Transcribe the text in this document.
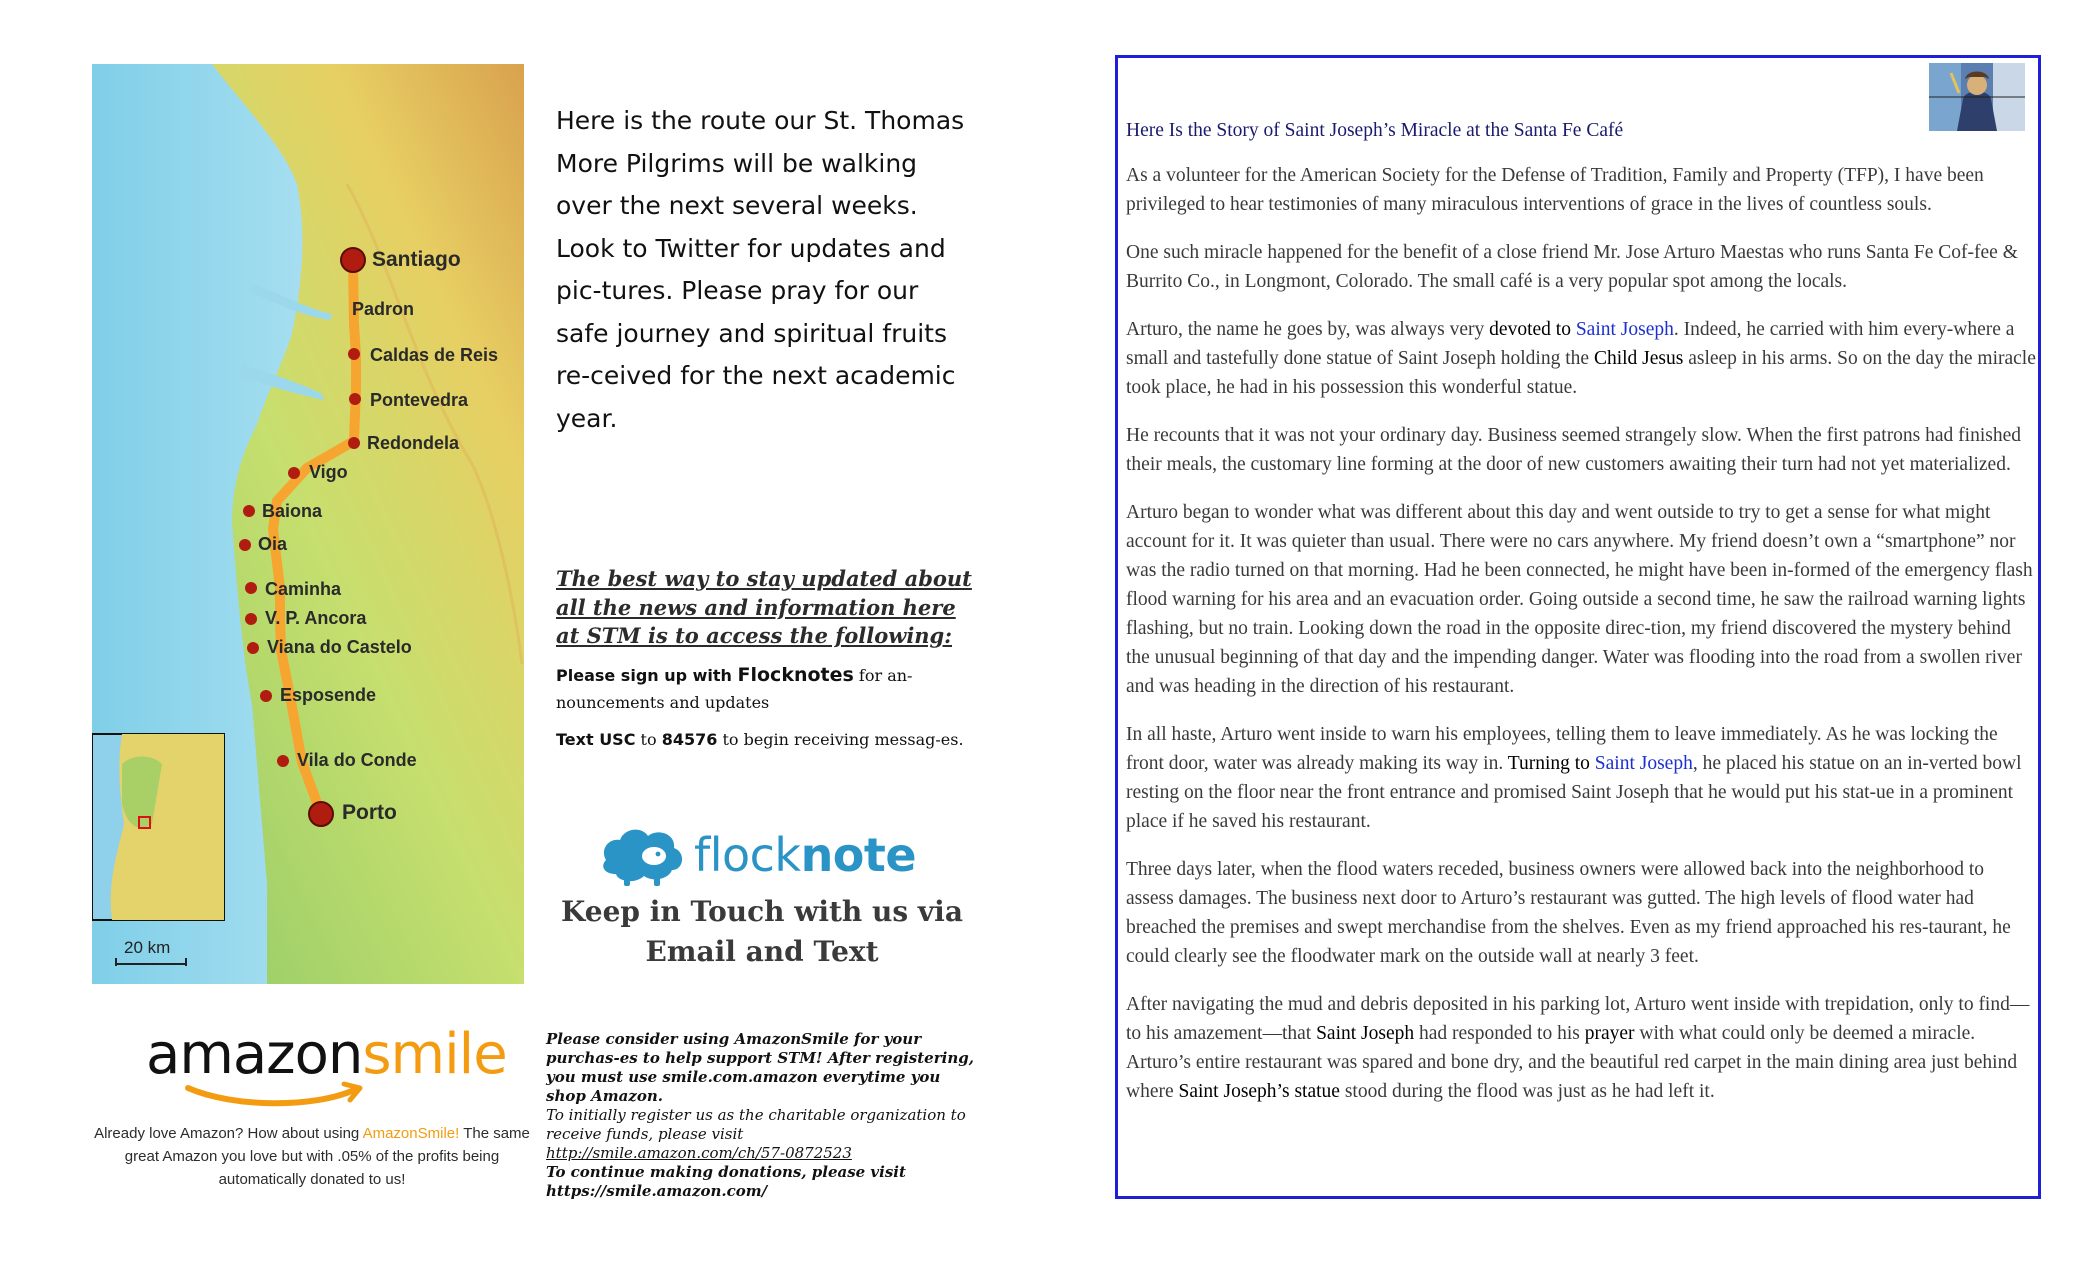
Santiago
Padron
Caldas de Reis
Pontevedra
Redondela
Vigo
Baiona
Oia
Caminha
V. P. Ancora
Viana do Castelo
Esposende
Vila do Conde
Porto
20 km

Here is the route our St. Thomas More Pilgrims will be walking over the next several weeks. Look to Twitter for updates and pic-tures. Please pray for our safe journey and spiritual fruits re-ceived for the next academic year.

The best way to stay updated about all the news and information here at STM is to access the following:

Please sign up with Flocknotes for an-nouncements and updates

Text USC to 84576 to begin receiving messag-es.

flocknote

Keep in Touch with us via
Email and Text

amazonsmile

Already love Amazon? How about using AmazonSmile! The same great Amazon you love but with .05% of the profits being automatically donated to us!

Please consider using AmazonSmile for your purchas-es to help support STM! After registering, you must use smile.com.amazon everytime you shop Amazon.
To initially register us as the charitable organization to receive funds, please visit
http://smile.amazon.com/ch/57-0872523
To continue making donations, please visit https://smile.amazon.com/

Here Is the Story of Saint Joseph’s Miracle at the Santa Fe Café

As a volunteer for the American Society for the Defense of Tradition, Family and Property (TFP), I have been privileged to hear testimonies of many miraculous interventions of grace in the lives of countless souls.

One such miracle happened for the benefit of a close friend Mr. Jose Arturo Maestas who runs Santa Fe Cof-fee & Burrito Co., in Longmont, Colorado. The small café is a very popular spot among the locals.

Arturo, the name he goes by, was always very devoted to Saint Joseph. Indeed, he carried with him every-where a small and tastefully done statue of Saint Joseph holding the Child Jesus asleep in his arms. So on the day the miracle took place, he had in his possession this wonderful statue.

He recounts that it was not your ordinary day. Business seemed strangely slow. When the first patrons had finished their meals, the customary line forming at the door of new customers awaiting their turn had not yet materialized.

Arturo began to wonder what was different about this day and went outside to try to get a sense for what might account for it. It was quieter than usual. There were no cars anywhere. My friend doesn’t own a “smartphone” nor was the radio turned on that morning. Had he been connected, he might have been in-formed of the emergency flash flood warning for his area and an evacuation order. Going outside a second time, he saw the railroad warning lights flashing, but no train. Looking down the road in the opposite direc-tion, my friend discovered the mystery behind the unusual beginning of that day and the impending danger. Water was flooding into the road from a swollen river and was heading in the direction of his restaurant.

In all haste, Arturo went inside to warn his employees, telling them to leave immediately. As he was locking the front door, water was already making its way in. Turning to Saint Joseph, he placed his statue on an in-verted bowl resting on the floor near the front entrance and promised Saint Joseph that he would put his stat-ue in a prominent place if he saved his restaurant.

Three days later, when the flood waters receded, business owners were allowed back into the neighborhood to assess damages. The business next door to Arturo’s restaurant was gutted. The high levels of flood water had breached the premises and swept merchandise from the shelves. Even as my friend approached his res-taurant, he could clearly see the floodwater mark on the outside wall at nearly 3 feet.

After navigating the mud and debris deposited in his parking lot, Arturo went inside with trepidation, only to find—to his amazement—that Saint Joseph had responded to his prayer with what could only be deemed a miracle. Arturo’s entire restaurant was spared and bone dry, and the beautiful red carpet in the main dining area just behind where Saint Joseph’s statue stood during the flood was just as he had left it.
